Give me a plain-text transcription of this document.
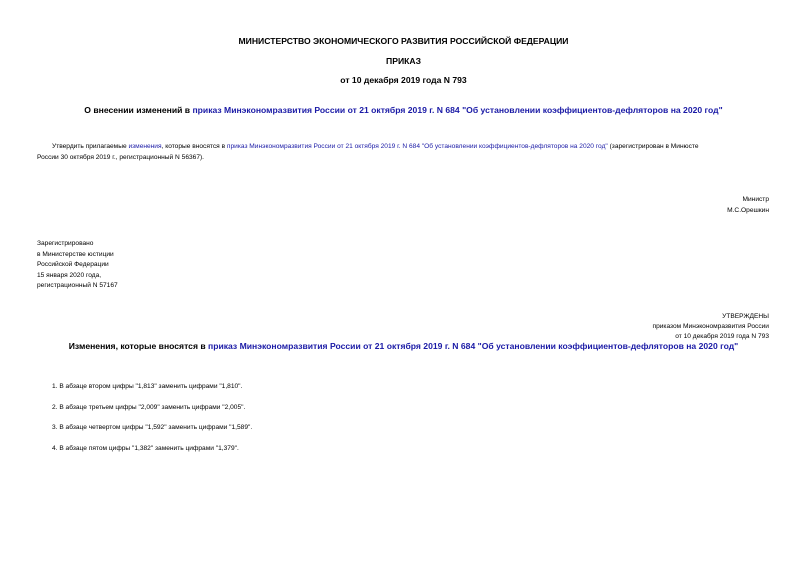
МИНИСТЕРСТВО ЭКОНОМИЧЕСКОГО РАЗВИТИЯ РОССИЙСКОЙ ФЕДЕРАЦИИ
ПРИКАЗ
от 10 декабря 2019 года N 793
О внесении изменений в приказ Минэкономразвития России от 21 октября 2019 г. N 684 "Об установлении коэффициентов-дефляторов на 2020 год"
Утвердить прилагаемые изменения, которые вносятся в приказ Минэкономразвития России от 21 октября 2019 г. N 684 "Об установлении коэффициентов-дефляторов на 2020 год" (зарегистрирован в Минюсте
России 30 октября 2019 г., регистрационный N 56367).
Министр
М.С.Орешкин
Зарегистрировано
в Министерстве юстиции
Российской Федерации
15 января 2020 года,
регистрационный N 57167
УТВЕРЖДЕНЫ
приказом Минэкономразвития России
от 10 декабря 2019 года N 793
Изменения, которые вносятся в приказ Минэкономразвития России от 21 октября 2019 г. N 684 "Об установлении коэффициентов-дефляторов на 2020 год"
1. В абзаце втором цифры "1,813" заменить цифрами "1,810".
2. В абзаце третьем цифры "2,009" заменить цифрами "2,005".
3. В абзаце четвертом цифры "1,592" заменить цифрами "1,589".
4. В абзаце пятом цифры "1,382" заменить цифрами "1,379".
